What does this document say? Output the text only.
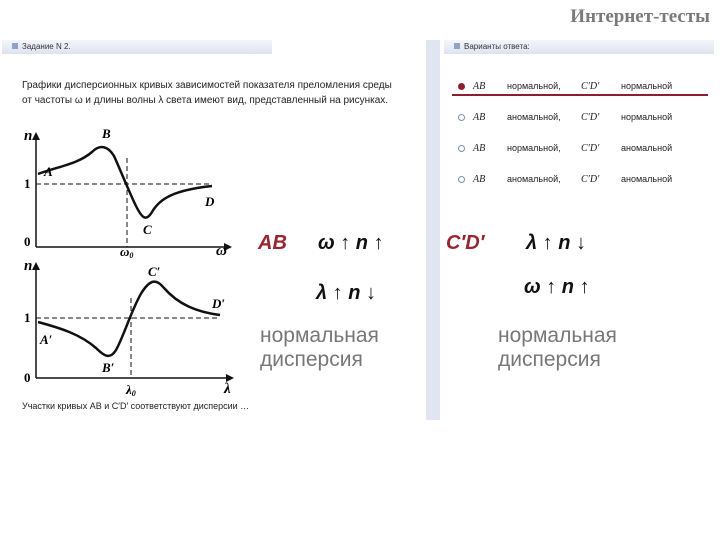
Интернет-тесты
Задание N 2.
Графики дисперсионных кривых зависимостей показателя преломления среды от частоты ω и длины волны λ света имеют вид, представленный на рисунках.
n
ω
0
1
A
B
C
D
ω0
n
λ
0
1
A′
B′
C′
D′
λ0
Участки кривых AB и C′D′ соответствуют дисперсии …
Варианты ответа:
AB нормальной, C′D′ нормальной
AB аномальной, C′D′ нормальной
AB нормальной, C′D′ аномальной
AB аномальной, C′D′ аномальной
AB ω ↑ n ↑
λ ↑ n ↓
C′D′ λ ↑ n ↓
ω ↑ n ↑
нормальная дисперсия
нормальная дисперсия
